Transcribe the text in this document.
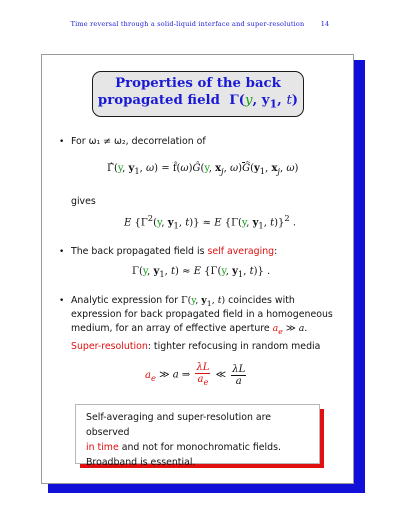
Time reversal through a solid-liquid interface and super-resolution	14
Properties of the back
propagated field  Γ(y, $y_1$, t)
• For ω₁ ≠ ω₂, decorrelation of
Γ̂(y, $y_1$, ω) = f̂(ω)Ĝ(y, $x_j$, $\omega)\overline{Ĝ}(y_1$, $x_j$, ω)
gives
E {$\Gamma^2(y$, $y_1$, t)} ≈ E {Γ(y, $y_1$, t)}$^2$ .
• The back propagated field is self averaging:
Γ(y, $y_1$, t) ≈ E {Γ(y, $y_1$, t)} .
• Analytic expression for Γ(y, $y_1$, t) coincides with
expression for back propagated field in a homogeneous
medium, for an array of effective aperture $a_e$ ≫ a.
Super-resolution: tighter refocusing in random media
$a_e$ ≫ a ⇒ $\frac{\lambda L}{a_e}$ ≪ $\frac{\lambda L}{a}$
Self-averaging and super-resolution are observed
in time and not for monochromatic fields.
Broadband is essential.
